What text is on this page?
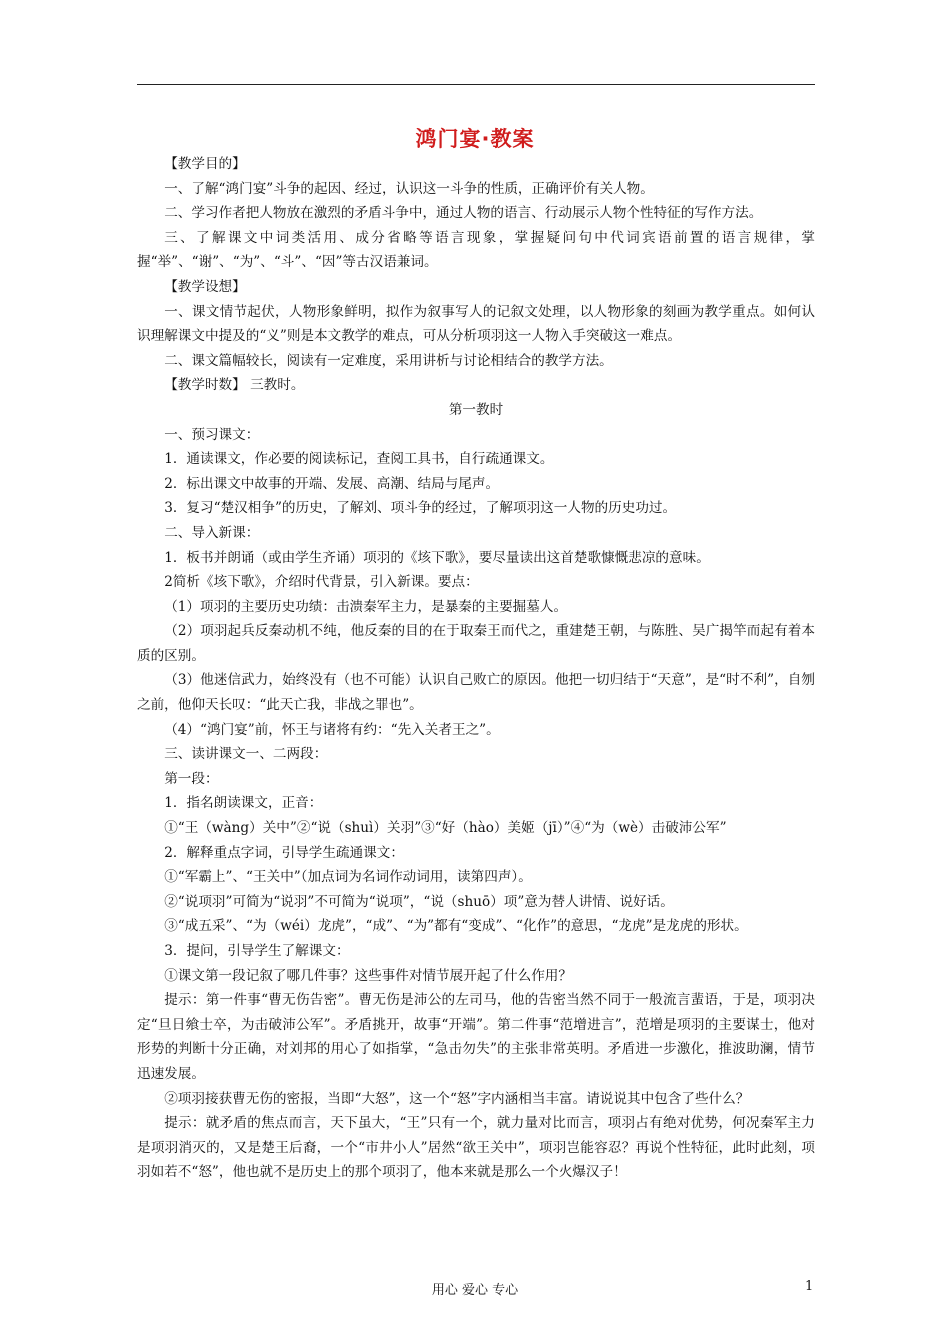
鸿门宴·教案

【教学目的】

一、了解“鸿门宴”斗争的起因、经过，认识这一斗争的性质，正确评价有关人物。

二、学习作者把人物放在激烈的矛盾斗争中，通过人物的语言、行动展示人物个性特征的写作方法。

三、了解课文中词类活用、成分省略等语言现象，掌握疑问句中代词宾语前置的语言规律，掌握“举”、“谢”、“为”、“斗”、“因”等古汉语兼词。

【教学设想】

一、课文情节起伏，人物形象鲜明，拟作为叙事写人的记叙文处理，以人物形象的刻画为教学重点。如何认识理解课文中提及的“义”则是本文教学的难点，可从分析项羽这一人物入手突破这一难点。

二、课文篇幅较长，阅读有一定难度，采用讲析与讨论相结合的教学方法。

【教学时数】 三教时。

第一教时

一、预习课文：

1．通读课文，作必要的阅读标记，查阅工具书，自行疏通课文。

2．标出课文中故事的开端、发展、高潮、结局与尾声。

3．复习“楚汉相争”的历史，了解刘、项斗争的经过，了解项羽这一人物的历史功过。

二、导入新课：

1．板书并朗诵（或由学生齐诵）项羽的《垓下歌》，要尽量读出这首楚歌慷慨悲凉的意味。

2简析《垓下歌》，介绍时代背景，引入新课。要点：

（1）项羽的主要历史功绩：击溃秦军主力，是暴秦的主要掘墓人。

（2）项羽起兵反秦动机不纯，他反秦的目的在于取秦王而代之，重建楚王朝，与陈胜、吴广揭竿而起有着本质的区别。

（3）他迷信武力，始终没有（也不可能）认识自己败亡的原因。他把一切归结于“天意”，是“时不利”，自刎之前，他仰天长叹：“此天亡我，非战之罪也”。

（4）“鸿门宴”前，怀王与诸将有约：“先入关者王之”。

三、读讲课文一、二两段：

第一段：

1．指名朗读课文，正音：

①“王（wàng）关中”②“说（shuì）关羽”③“好（hào）美姬（jī）”④“为（wè）击破沛公军”

2．解释重点字词，引导学生疏通课文：

①“军霸上”、“王关中”（加点词为名词作动词用，读第四声）。

②“说项羽”可简为“说羽”不可简为“说项”，“说（shuō）项”意为替人讲情、说好话。

③“成五采”、“为（wéi）龙虎”，“成”、“为”都有“变成”、“化作”的意思，“龙虎”是龙虎的形状。

3．提问，引导学生了解课文：

①课文第一段记叙了哪几件事？这些事件对情节展开起了什么作用？

提示：第一件事“曹无伤告密”。曹无伤是沛公的左司马，他的告密当然不同于一般流言蜚语，于是，项羽决定“旦日飨士卒，为击破沛公军”。矛盾挑开，故事“开端”。第二件事“范增进言”，范增是项羽的主要谋士，他对形势的判断十分正确，对刘邦的用心了如指掌，“急击勿失”的主张非常英明。矛盾进一步激化，推波助澜，情节迅速发展。

②项羽接获曹无伤的密报，当即“大怒”，这一个“怒”字内涵相当丰富。请说说其中包含了些什么？

提示：就矛盾的焦点而言，天下虽大，“王”只有一个，就力量对比而言，项羽占有绝对优势，何况秦军主力是项羽消灭的，又是楚王后裔，一个“市井小人”居然“欲王关中”，项羽岂能容忍？再说个性特征，此时此刻，项羽如若不“怒”，他也就不是历史上的那个项羽了，他本来就是那么一个火爆汉子！

用心 爱心 专心	1
